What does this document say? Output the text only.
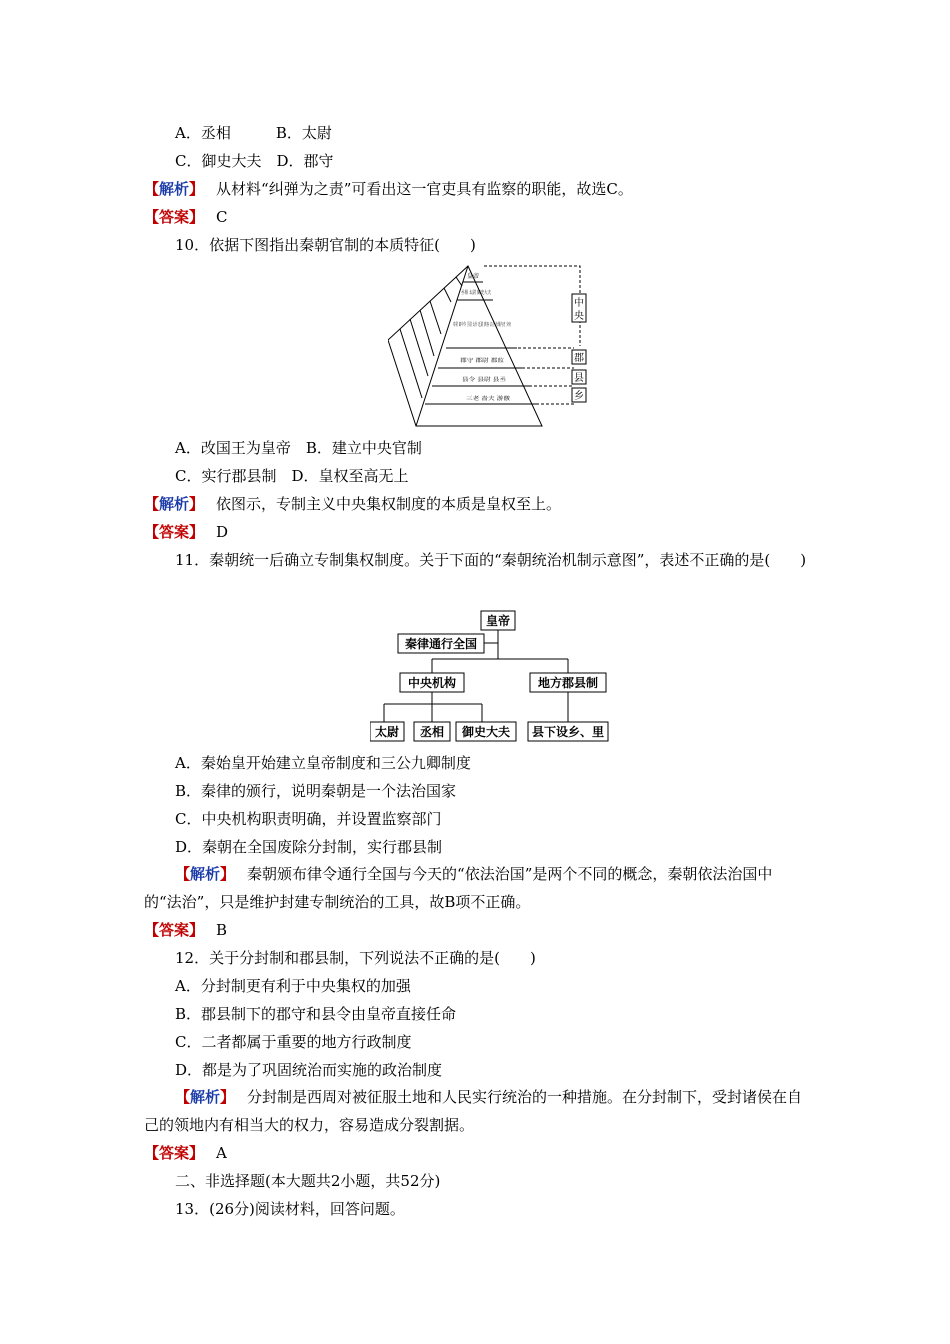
A．丞相　　　B．太尉
C．御史大夫　D．郡守
【解析】 从材料“纠弹为之责”可看出这一官吏具有监察的职能，故选C。
【答案】 C
10．依据下图指出秦朝官制的本质特征(　　)
皇帝
丞相 太尉 御史大夫
奉常 郎中令 卫尉 太仆 廷尉 典客 宗正 治粟内史 少府
郡守 郡尉 郡监
县令 县尉 县丞
三老 啬夫 游徼
中
央
郡
县
乡
A．改国王为皇帝　B．建立中央官制
C．实行郡县制　D．皇权至高无上
【解析】 依图示，专制主义中央集权制度的本质是皇权至上。
【答案】 D
11．秦朝统一后确立专制集权制度。关于下面的“秦朝统治机制示意图”，表述不正确的是(　　)
皇帝
秦律通行全国
中央机构	地方郡县制
太尉 丞相 御史大夫 县下设乡、里
A．秦始皇开始建立皇帝制度和三公九卿制度
B．秦律的颁行，说明秦朝是一个法治国家
C．中央机构职责明确，并设置监察部门
D．秦朝在全国废除分封制，实行郡县制
【解析】 秦朝颁布律令通行全国与今天的“依法治国”是两个不同的概念，秦朝依法治国中的“法治”，只是维护封建专制统治的工具，故B项不正确。
【答案】 B
12．关于分封制和郡县制，下列说法不正确的是(　　)
A．分封制更有利于中央集权的加强
B．郡县制下的郡守和县令由皇帝直接任命
C．二者都属于重要的地方行政制度
D．都是为了巩固统治而实施的政治制度
【解析】 分封制是西周对被征服土地和人民实行统治的一种措施。在分封制下，受封诸侯在自己的领地内有相当大的权力，容易造成分裂割据。
【答案】 A
二、非选择题(本大题共2小题，共52分)
13．(26分)阅读材料，回答问题。
